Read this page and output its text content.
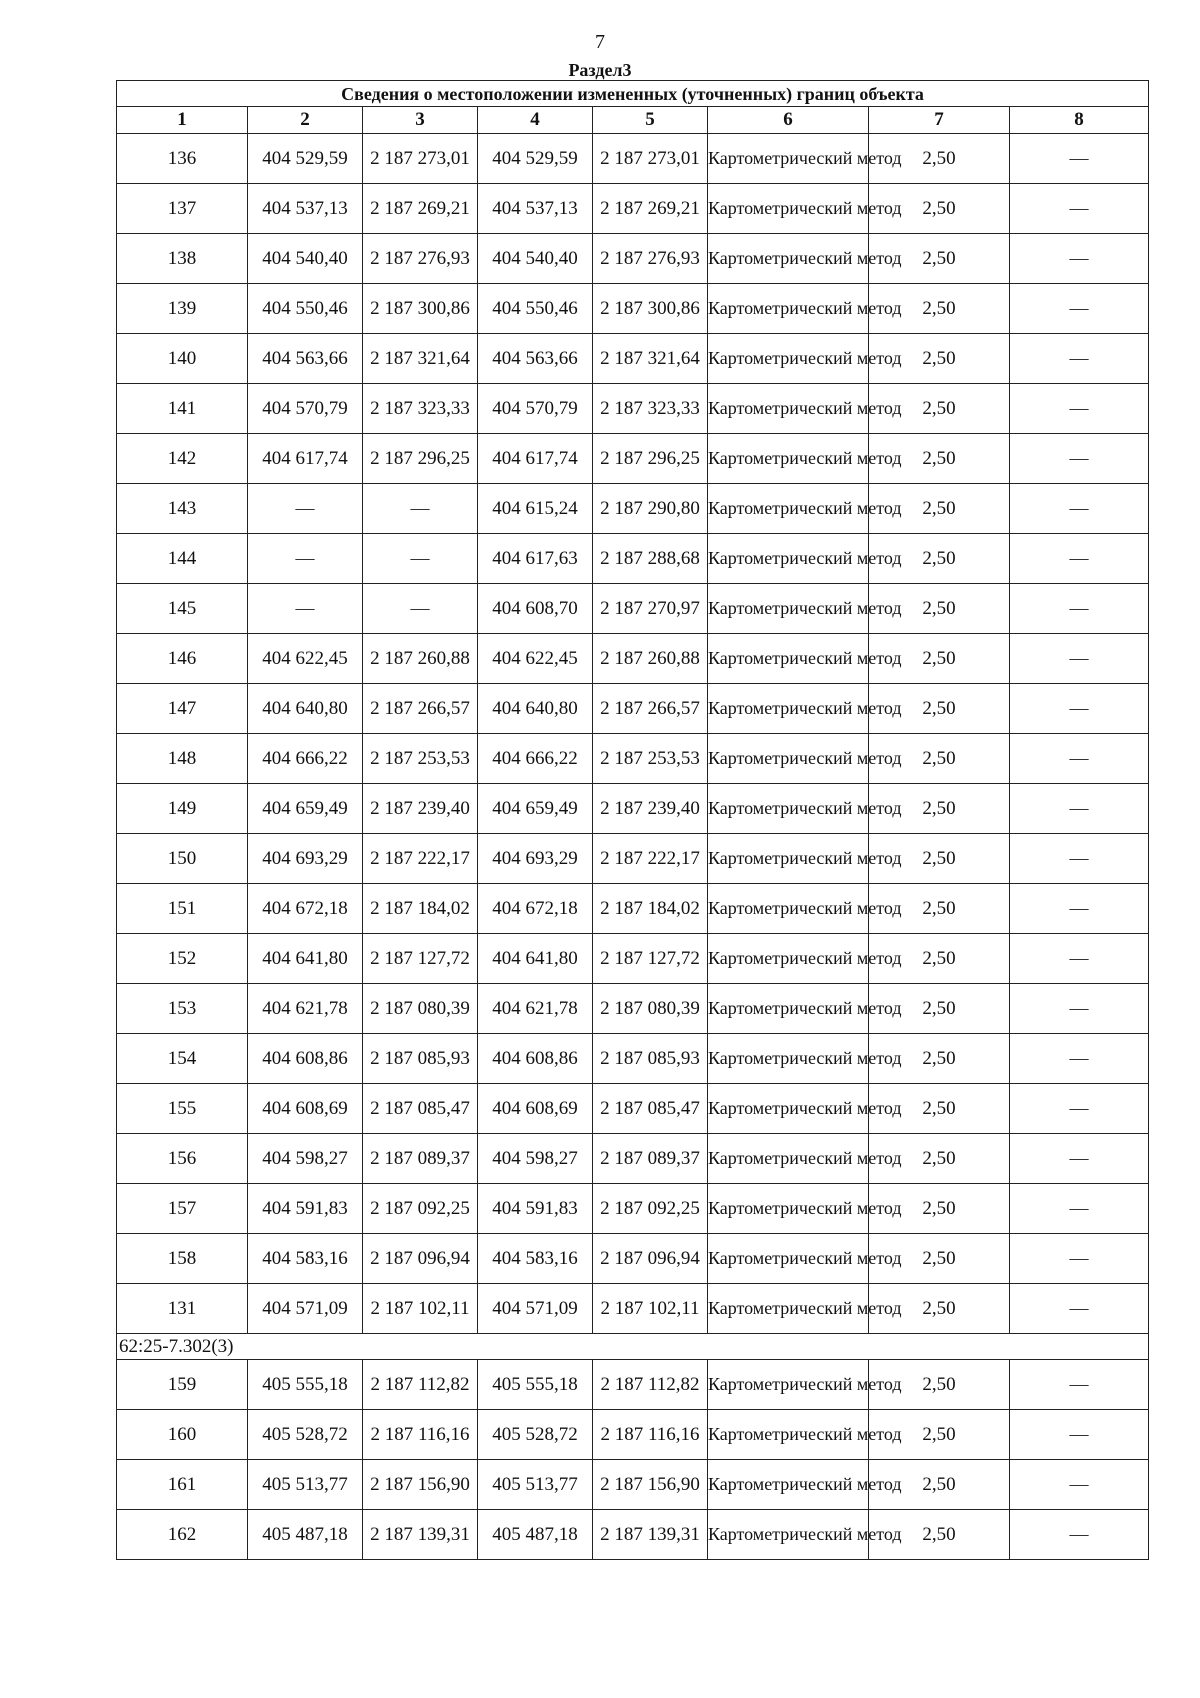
7
Раздел3
Сведения о местоположении измененных (уточненных) границ объекта							
1	2	3	4	5	6	7	8
136	404 529,59	2 187 273,01	404 529,59	2 187 273,01	Картометрический метод	2,50	—
137	404 537,13	2 187 269,21	404 537,13	2 187 269,21	Картометрический метод	2,50	—
138	404 540,40	2 187 276,93	404 540,40	2 187 276,93	Картометрический метод	2,50	—
139	404 550,46	2 187 300,86	404 550,46	2 187 300,86	Картометрический метод	2,50	—
140	404 563,66	2 187 321,64	404 563,66	2 187 321,64	Картометрический метод	2,50	—
141	404 570,79	2 187 323,33	404 570,79	2 187 323,33	Картометрический метод	2,50	—
142	404 617,74	2 187 296,25	404 617,74	2 187 296,25	Картометрический метод	2,50	—
143	—	—	404 615,24	2 187 290,80	Картометрический метод	2,50	—
144	—	—	404 617,63	2 187 288,68	Картометрический метод	2,50	—
145	—	—	404 608,70	2 187 270,97	Картометрический метод	2,50	—
146	404 622,45	2 187 260,88	404 622,45	2 187 260,88	Картометрический метод	2,50	—
147	404 640,80	2 187 266,57	404 640,80	2 187 266,57	Картометрический метод	2,50	—
148	404 666,22	2 187 253,53	404 666,22	2 187 253,53	Картометрический метод	2,50	—
149	404 659,49	2 187 239,40	404 659,49	2 187 239,40	Картометрический метод	2,50	—
150	404 693,29	2 187 222,17	404 693,29	2 187 222,17	Картометрический метод	2,50	—
151	404 672,18	2 187 184,02	404 672,18	2 187 184,02	Картометрический метод	2,50	—
152	404 641,80	2 187 127,72	404 641,80	2 187 127,72	Картометрический метод	2,50	—
153	404 621,78	2 187 080,39	404 621,78	2 187 080,39	Картометрический метод	2,50	—
154	404 608,86	2 187 085,93	404 608,86	2 187 085,93	Картометрический метод	2,50	—
155	404 608,69	2 187 085,47	404 608,69	2 187 085,47	Картометрический метод	2,50	—
156	404 598,27	2 187 089,37	404 598,27	2 187 089,37	Картометрический метод	2,50	—
157	404 591,83	2 187 092,25	404 591,83	2 187 092,25	Картометрический метод	2,50	—
158	404 583,16	2 187 096,94	404 583,16	2 187 096,94	Картометрический метод	2,50	—
131	404 571,09	2 187 102,11	404 571,09	2 187 102,11	Картометрический метод	2,50	—
62:25-7.302(3)							
159	405 555,18	2 187 112,82	405 555,18	2 187 112,82	Картометрический метод	2,50	—
160	405 528,72	2 187 116,16	405 528,72	2 187 116,16	Картометрический метод	2,50	—
161	405 513,77	2 187 156,90	405 513,77	2 187 156,90	Картометрический метод	2,50	—
162	405 487,18	2 187 139,31	405 487,18	2 187 139,31	Картометрический метод	2,50	—
